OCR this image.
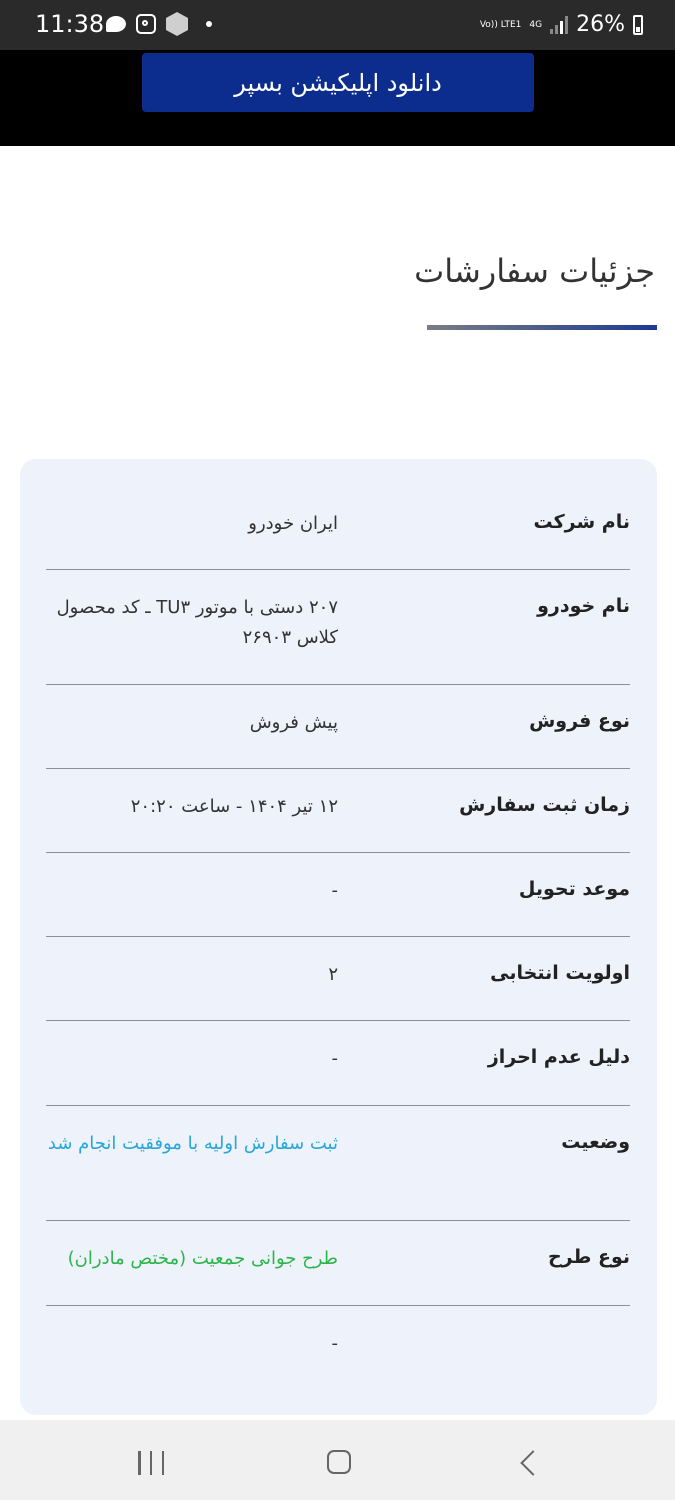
11:38	Vo)) LTE1 4G 26%
دانلود اپلیکیشن بسپر
جزئیات سفارشات
نام شرکت
ایران خودرو
نام خودرو
۲۰۷ دستی با موتور TU۳ ـ کد محصول کلاس ۲۶۹۰۳
نوع فروش
پیش فروش
زمان ثبت سفارش
۱۲ تیر ۱۴۰۴ - ساعت ۲۰:۲۰
موعد تحویل
-
اولویت انتخابی
۲
دلیل عدم احراز
-
وضعیت
ثبت سفارش اولیه با موفقیت انجام شد
نوع طرح
طرح جوانی جمعیت (مختص مادران)
-
